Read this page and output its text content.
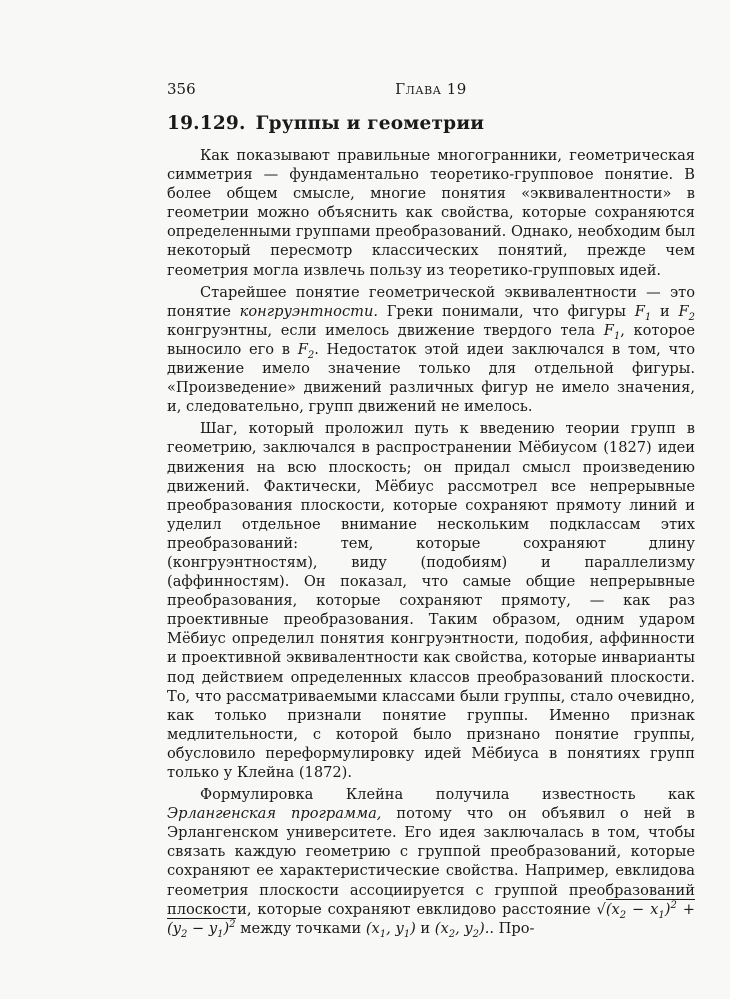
356	Глава 19
19.129. Группы и геометрии

Как показывают правильные многогранники, геометрическая симметрия — фундаментально теоретико-групповое понятие. В более общем смысле, многие понятия «эквивалентности» в геометрии можно объяснить как свойства, которые сохраняются определенными группами преобразований. Однако, необходим был некоторый пересмотр классических понятий, прежде чем геометрия могла извлечь пользу из теоретико-групповых идей.

Старейшее понятие геометрической эквивалентности — это понятие конгруэнтности. Греки понимали, что фигуры $F_1$ и $F_2$ конгруэнтны, если имелось движение твердого тела $F_1$, которое выносило его в $F_2$. Недостаток этой идеи заключался в том, что движение имело значение только для отдельной фигуры. «Произведение» движений различных фигур не имело значения, и, следовательно, групп движений не имелось.

Шаг, который проложил путь к введению теории групп в геометрию, заключался в распространении Мёбиусом (1827) идеи движения на всю плоскость; он придал смысл произведению движений. Фактически, Мёбиус рассмотрел все непрерывные преобразования плоскости, которые сохраняют прямоту линий и уделил отдельное внимание нескольким подклассам этих преобразований: тем, которые сохраняют длину (конгруэнтностям), виду (подобиям) и параллелизму (аффинностям). Он показал, что самые общие непрерывные преобразования, которые сохраняют прямоту, — как раз проективные преобразования. Таким образом, одним ударом Мёбиус определил понятия конгруэнтности, подобия, аффинности и проективной эквивалентности как свойства, которые инварианты под действием определенных классов преобразований плоскости. То, что рассматриваемыми классами были группы, стало очевидно, как только признали понятие группы. Именно признак медлительности, с которой было признано понятие группы, обусловило переформулировку идей Мёбиуса в понятиях групп только у Клейна (1872).

Формулировка Клейна получила известность как Эрлангенская программа, потому что он объявил о ней в Эрлангенском университете. Его идея заключалась в том, чтобы связать каждую геометрию с группой преобразований, которые сохраняют ее характеристические свойства. Например, евклидова геометрия плоскости ассоциируется с группой преобразований плоскости, которые сохраняют евклидово расстояние $√(x_2 - x_1)^2 + (y_2 - y_1)^2$ между точками ($x_1$, $y_1$) и ($x_2$, $y_2$).. Про-
